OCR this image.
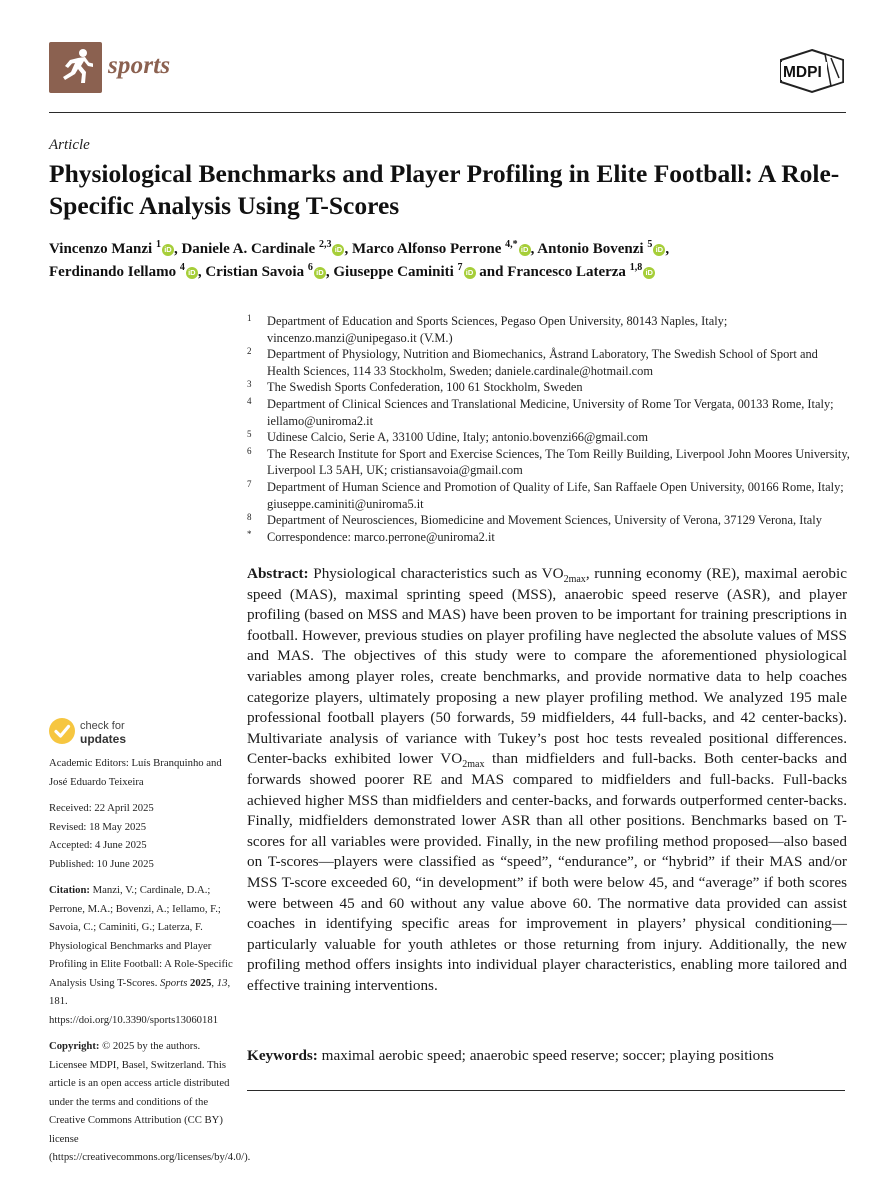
sports	MDPI
Article
Physiological Benchmarks and Player Profiling in Elite Football: A Role-Specific Analysis Using T-Scores
Vincenzo Manzi $^1$ iD , Daniele A. Cardinale $^{2,3}$ iD , Marco Alfonso Perrone $^{4,*}$ iD , Antonio Bovenzi $^5$ iD ,
Ferdinando Iellamo $^4$ iD , Cristian Savoia $^6$ iD , Giuseppe Caminiti $^7$ iD and Francesco Laterza $^{1,8}$ iD
1 Department of Education and Sports Sciences, Pegaso Open University, 80143 Naples, Italy; vincenzo.manzi@unipegaso.it (V.M.)
2 Department of Physiology, Nutrition and Biomechanics, Åstrand Laboratory, The Swedish School of Sport and Health Sciences, 114 33 Stockholm, Sweden; daniele.cardinale@hotmail.com
3 The Swedish Sports Confederation, 100 61 Stockholm, Sweden
4 Department of Clinical Sciences and Translational Medicine, University of Rome Tor Vergata, 00133 Rome, Italy; iellamo@uniroma2.it
5 Udinese Calcio, Serie A, 33100 Udine, Italy; antonio.bovenzi66@gmail.com
6 The Research Institute for Sport and Exercise Sciences, The Tom Reilly Building, Liverpool John Moores University, Liverpool L3 5AH, UK; cristiansavoia@gmail.com
7 Department of Human Science and Promotion of Quality of Life, San Raffaele Open University, 00166 Rome, Italy; giuseppe.caminiti@uniroma5.it
8 Department of Neurosciences, Biomedicine and Movement Sciences, University of Verona, 37129 Verona, Italy
* Correspondence: marco.perrone@uniroma2.it
check for
updates

Academic Editors: Luís Branquinho and José Eduardo Teixeira

Received: 22 April 2025

Revised: 18 May 2025

Accepted: 4 June 2025

Published: 10 June 2025

Citation: Manzi, V.; Cardinale, D.A.; Perrone, M.A.; Bovenzi, A.; Iellamo, F.; Savoia, C.; Caminiti, G.; Laterza, F. Physiological Benchmarks and Player Profiling in Elite Football: A Role-Specific Analysis Using T-Scores. Sports 2025, 13, 181. https://doi.org/10.3390/sports13060181

Copyright: © 2025 by the authors. Licensee MDPI, Basel, Switzerland. This article is an open access article distributed under the terms and conditions of the Creative Commons Attribution (CC BY) license (https://creativecommons.org/licenses/by/4.0/).

Abstract: Physiological characteristics such as $VO_{2max}$, running economy (RE), maximal aerobic speed (MAS), maximal sprinting speed (MSS), anaerobic speed reserve (ASR), and player profiling (based on MSS and MAS) have been proven to be important for training prescriptions in football. However, previous studies on player profiling have neglected the absolute values of MSS and MAS. The objectives of this study were to compare the aforementioned physiological variables among player roles, create benchmarks, and provide normative data to help coaches categorize players, ultimately proposing a new player profiling method. We analyzed 195 male professional football players (50 forwards, 59 midfielders, 44 full-backs, and 42 center-backs). Multivariate analysis of variance with Tukey’s post hoc tests revealed positional differences. Center-backs exhibited lower $VO_{2max}$ than midfielders and full-backs. Both center-backs and forwards showed poorer RE and MAS compared to midfielders and full-backs. Full-backs achieved higher MSS than midfielders and center-backs, and forwards outperformed center-backs. Finally, midfielders demonstrated lower ASR than all other positions. Benchmarks based on T-scores for all variables were provided. Finally, in the new profiling method proposed—also based on T-scores—players were classified as “speed”, “endurance”, or “hybrid” if their MAS and/or MSS T-score exceeded 60, “in development” if both were below 45, and “average” if both scores were between 45 and 60 without any value above 60. The normative data provided can assist coaches in identifying specific areas for improvement in players’ physical conditioning—particularly valuable for youth athletes or those returning from injury. Additionally, the new profiling method offers insights into individual player characteristics, enabling more tailored and effective training interventions.
Keywords: maximal aerobic speed; anaerobic speed reserve; soccer; playing positions
